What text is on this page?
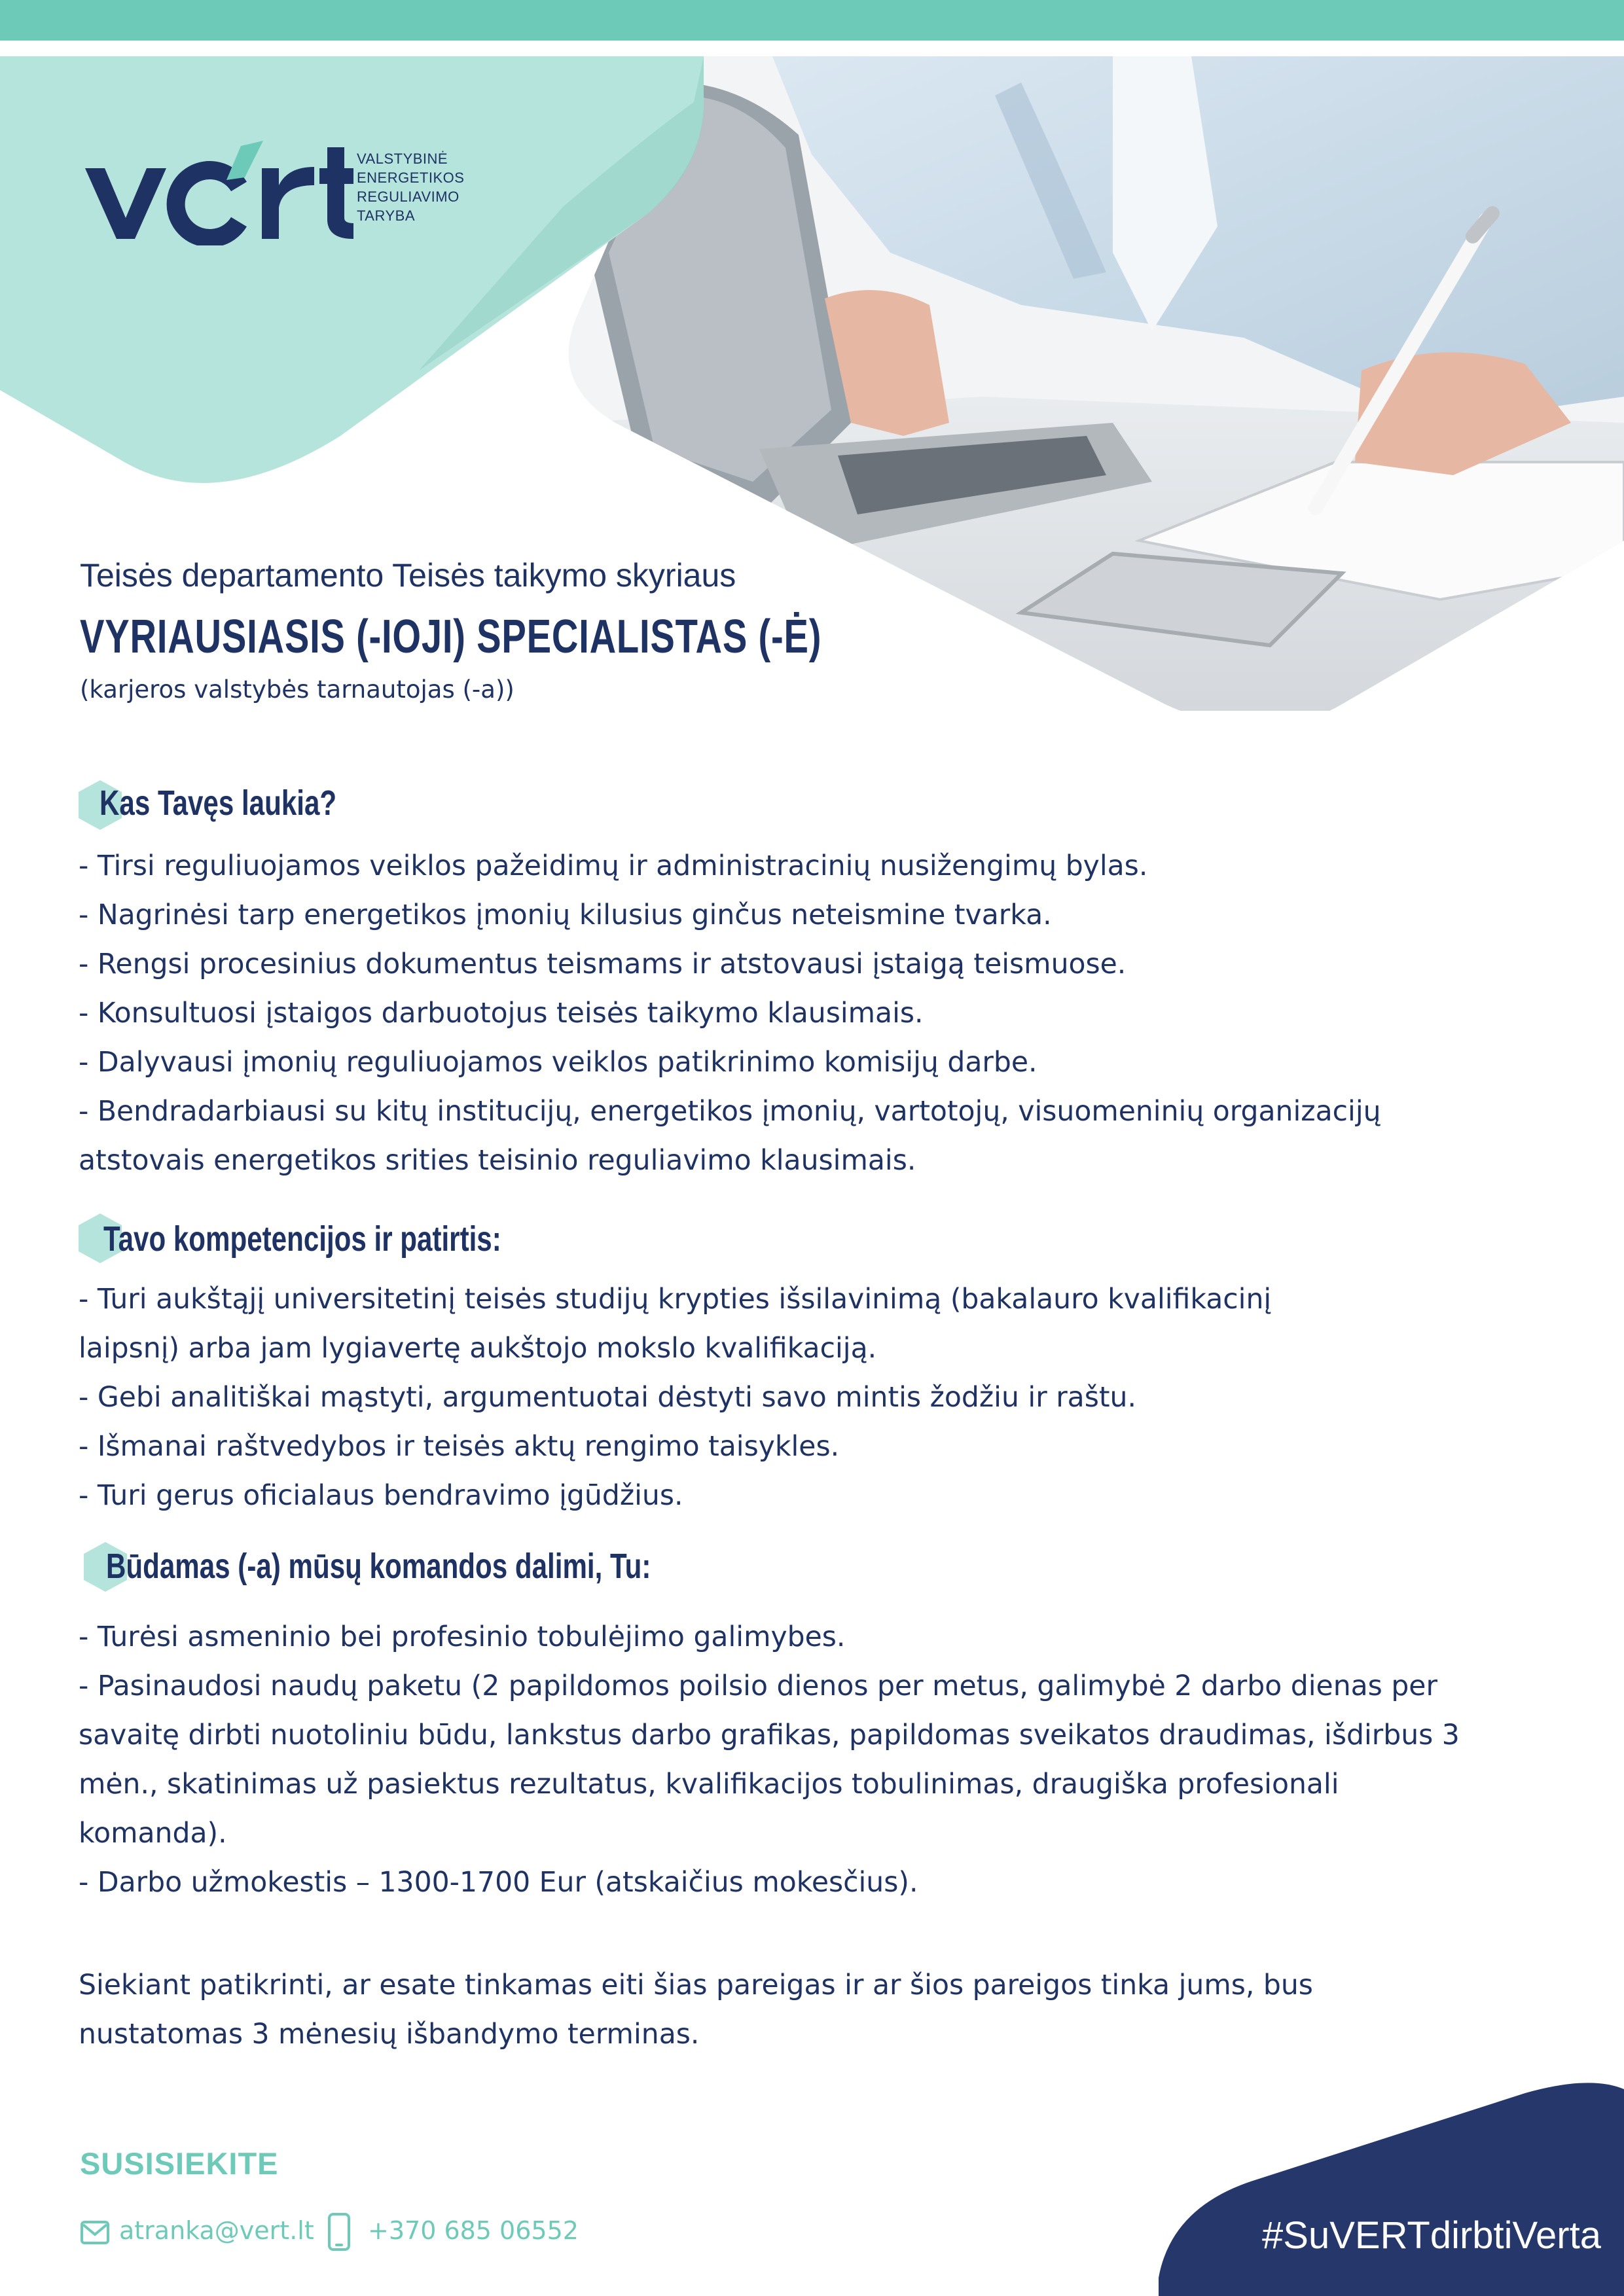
VALSTYBINĖ
ENERGETIKOS
REGULIAVIMO
TARYBA
Teisės departamento Teisės taikymo skyriaus
VYRIAUSIASIS (-IOJI) SPECIALISTAS (-Ė)
(karjeros valstybės tarnautojas (-a))
Kas Tavęs laukia?
- Tirsi reguliuojamos veiklos pažeidimų ir administracinių nusižengimų bylas.
- Nagrinėsi tarp energetikos įmonių kilusius ginčus neteismine tvarka.
- Rengsi procesinius dokumentus teismams ir atstovausi įstaigą teismuose.
- Konsultuosi įstaigos darbuotojus teisės taikymo klausimais.
- Dalyvausi įmonių reguliuojamos veiklos patikrinimo komisijų darbe.
- Bendradarbiausi su kitų institucijų, energetikos įmonių, vartotojų, visuomeninių organizacijų
atstovais energetikos srities teisinio reguliavimo klausimais.
Tavo kompetencijos ir patirtis:
- Turi aukštąjį universitetinį teisės studijų krypties išsilavinimą (bakalauro kvalifikacinį
laipsnį) arba jam lygiavertę aukštojo mokslo kvalifikaciją.
- Gebi analitiškai mąstyti, argumentuotai dėstyti savo mintis žodžiu ir raštu.
- Išmanai raštvedybos ir teisės aktų rengimo taisykles.
- Turi gerus oficialaus bendravimo įgūdžius.
Būdamas (-a) mūsų komandos dalimi, Tu:
- Turėsi asmeninio bei profesinio tobulėjimo galimybes.
- Pasinaudosi naudų paketu (2 papildomos poilsio dienos per metus, galimybė 2 darbo dienas per
savaitę dirbti nuotoliniu būdu, lankstus darbo grafikas, papildomas sveikatos draudimas, išdirbus 3
mėn., skatinimas už pasiektus rezultatus, kvalifikacijos tobulinimas, draugiška profesionali
komanda).
- Darbo užmokestis – 1300-1700 Eur (atskaičius mokesčius).
Siekiant patikrinti, ar esate tinkamas eiti šias pareigas ir ar šios pareigos tinka jums, bus
nustatomas 3 mėnesių išbandymo terminas.
SUSISIEKITE
atranka@vert.lt +370 685 06552	#SuVERTdirbtiVerta
